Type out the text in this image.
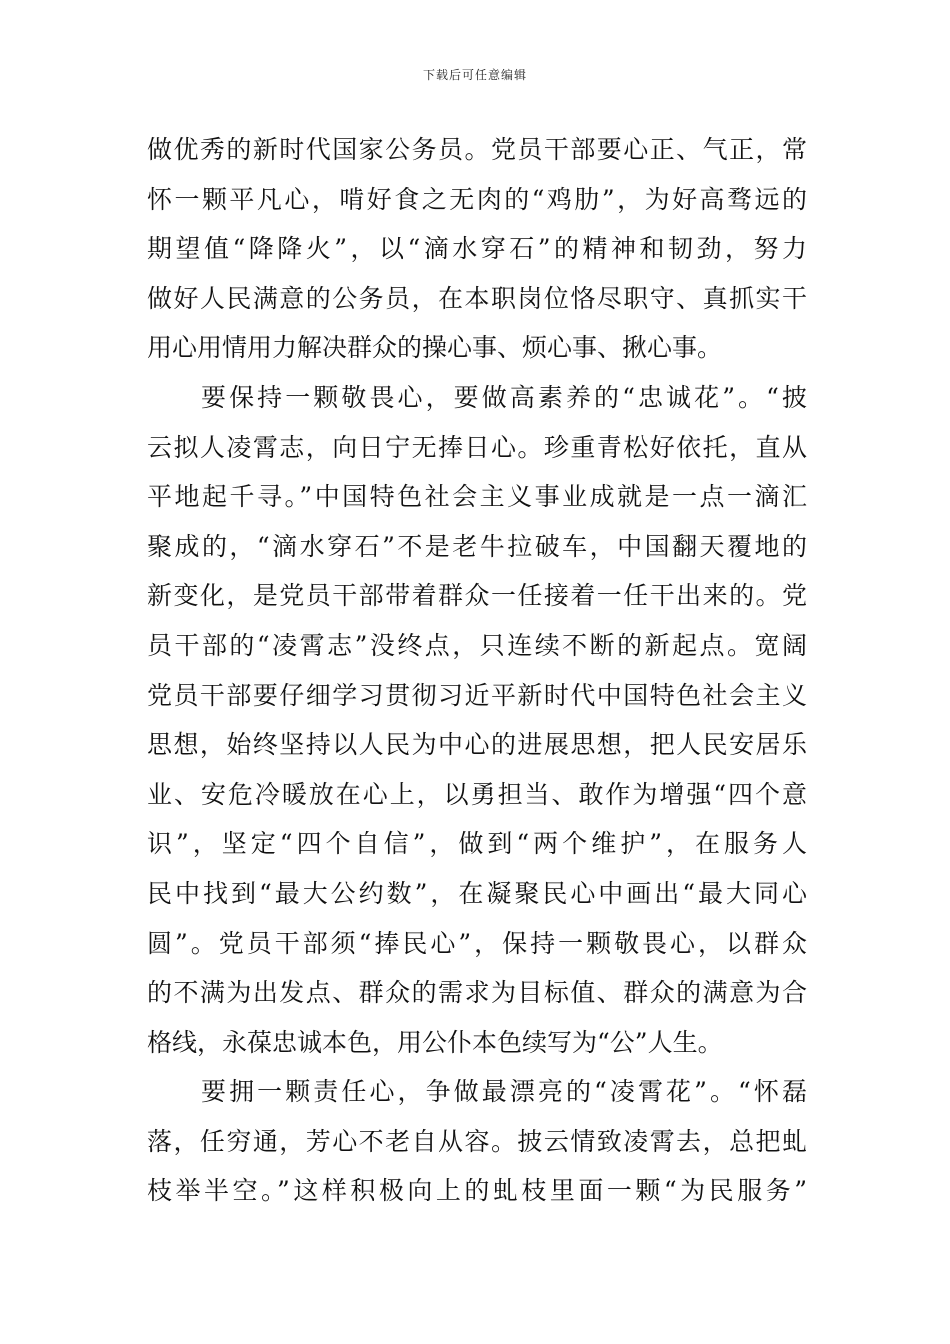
下载后可任意编辑
做优秀的新时代国家公务员。党员干部要心正、气正，常
怀一颗平凡心，啃好食之无肉的“鸡肋”，为好高骛远的
期望值“降降火”，以“滴水穿石”的精神和韧劲，努力
做好人民满意的公务员，在本职岗位恪尽职守、真抓实干
用心用情用力解决群众的操心事、烦心事、揪心事。
要保持一颗敬畏心，要做高素养的“忠诚花”。“披
云拟人凌霄志，向日宁无捧日心。珍重青松好依托，直从
平地起千寻。”中国特色社会主义事业成就是一点一滴汇
聚成的，“滴水穿石”不是老牛拉破车，中国翻天覆地的
新变化，是党员干部带着群众一任接着一任干出来的。党
员干部的“凌霄志”没终点，只连续不断的新起点。宽阔
党员干部要仔细学习贯彻习近平新时代中国特色社会主义
思想，始终坚持以人民为中心的进展思想，把人民安居乐
业、安危冷暖放在心上，以勇担当、敢作为增强“四个意
识”，坚定“四个自信”，做到“两个维护”，在服务人
民中找到“最大公约数”，在凝聚民心中画出“最大同心
圆”。党员干部须“捧民心”，保持一颗敬畏心，以群众
的不满为出发点、群众的需求为目标值、群众的满意为合
格线，永葆忠诚本色，用公仆本色续写为“公”人生。
要拥一颗责任心，争做最漂亮的“凌霄花”。“怀磊
落，任穷通，芳心不老自从容。披云情致凌霄去，总把虬
枝举半空。”这样积极向上的虬枝里面一颗“为民服务”
